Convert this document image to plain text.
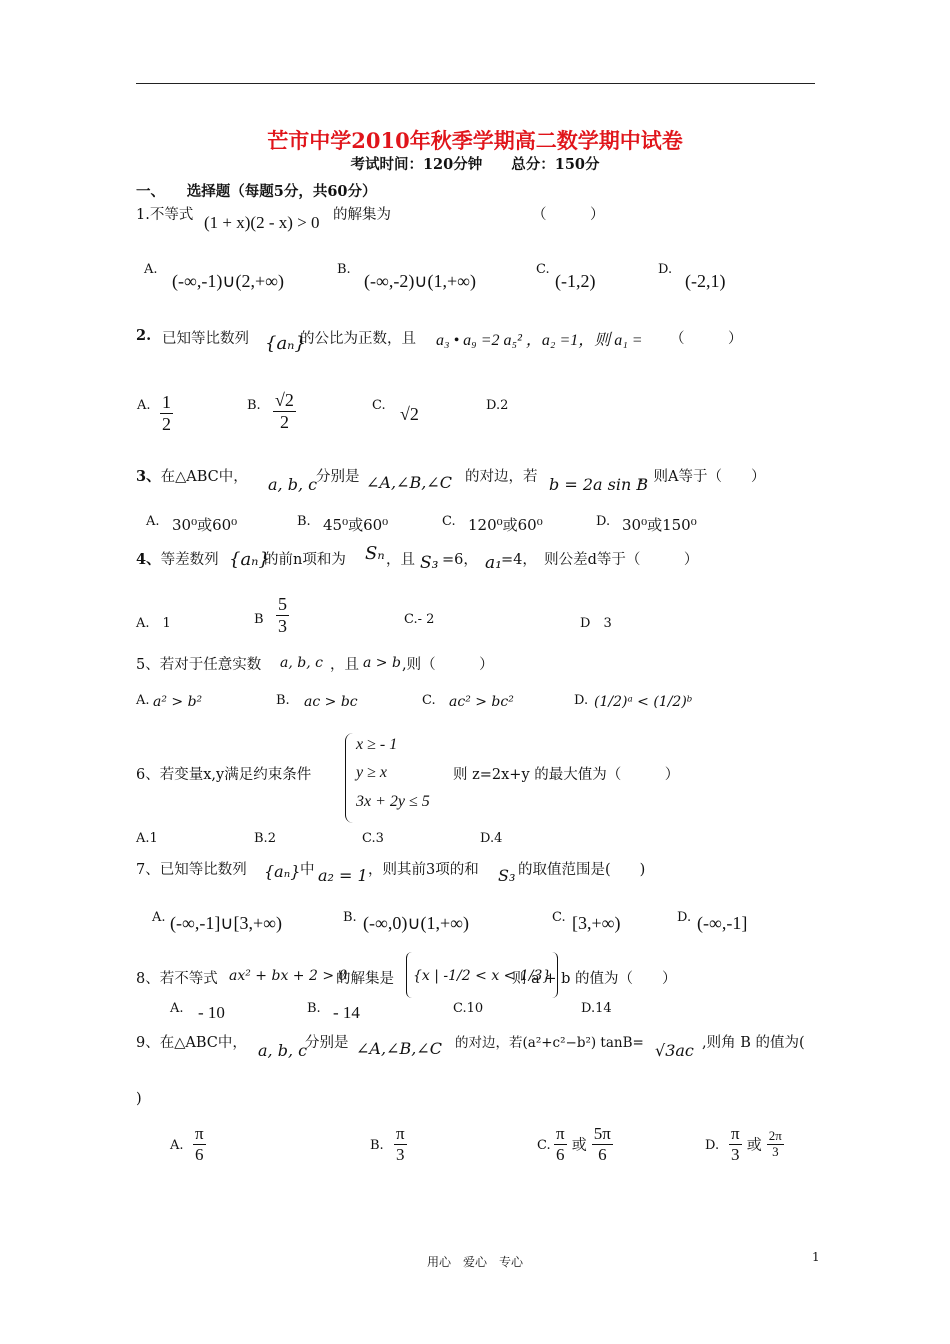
芒市中学2010年秋季学期高二数学期中试卷
考试时间：120分钟　　总分：150分
一、　　选择题（每题5分，共60分）
1.不等式 (1 + x)(2 - x) > 0 的解集为	（　　　）
A.
(-∞,-1)∪(2,+∞)
B.
(-∞,-2)∪(1,+∞)
C.
(-1,2)
D.
(-2,1)
2. 已知等比数列 {aₙ}
的公比为正数，且 a₃ • a₉ =2 a₅² ，a₂ =1，则 a₁ = （　　　）
A. $\frac{1}{2}$	B. $\frac{√2}{2}$	C. √2	D.2
3、在△ABC中， a, b, c
分别是 ∠A,∠B,∠C 的对边，若 b = 2a sin B
，则A等于（　　）
A. 30⁰或60⁰	B. 45⁰或60⁰	C. 120⁰或60⁰	D. 30⁰或150⁰
4、等差数列 {aₙ}
的前n项和为 Sₙ ，且 S₃ =6， a₁ =4，　则公差d等于（　　　）
A.　 1	B $\frac{5}{3}$	C.- 2	D　 3
5、若对于任意实数 a, b, c ，且 a > b ,则（　　　）
A. a² > b²	B. ac > bc	C. ac² > bc²	D. (1/2)ᵃ < (1/2)ᵇ
6、若变量x,y满足约束条件
x ≥ - 1
y ≥ x
3x + 2y ≤ 5
则 z=2x+y 的最大值为（　　　）
A.1	B.2	C.3	D.4
7、已知等比数列 {aₙ} 中 a₂ = 1 ，则其前3项的和 S₃ 的取值范围是(　　)
A. (-∞,-1]∪[3,+∞)	B. (-∞,0)∪(1,+∞)	C. [3,+∞)	D. (-∞,-1]
8、若不等式 ax² + bx + 2 > 0
的解集是	{x | -1/2 < x < 1/3}
则 a + b 的值为（　　）
A. - 10	B. - 14	C.10	D.14
9、在△ABC中， a, b, c
分别是 ∠A,∠B,∠C 的对边，若(a²+c²−b²) tanB= √3ac ,则角 B 的值为(
)
A. $\frac{\pi}{6}$	B. $\frac{\pi}{3}$	C. $\frac{\pi}{6}$ 或 $\frac{5\pi}{6}$	D. $\frac{\pi}{3}$ 或 $\frac{2\pi}{3}$
用心　爱心　专心	1
